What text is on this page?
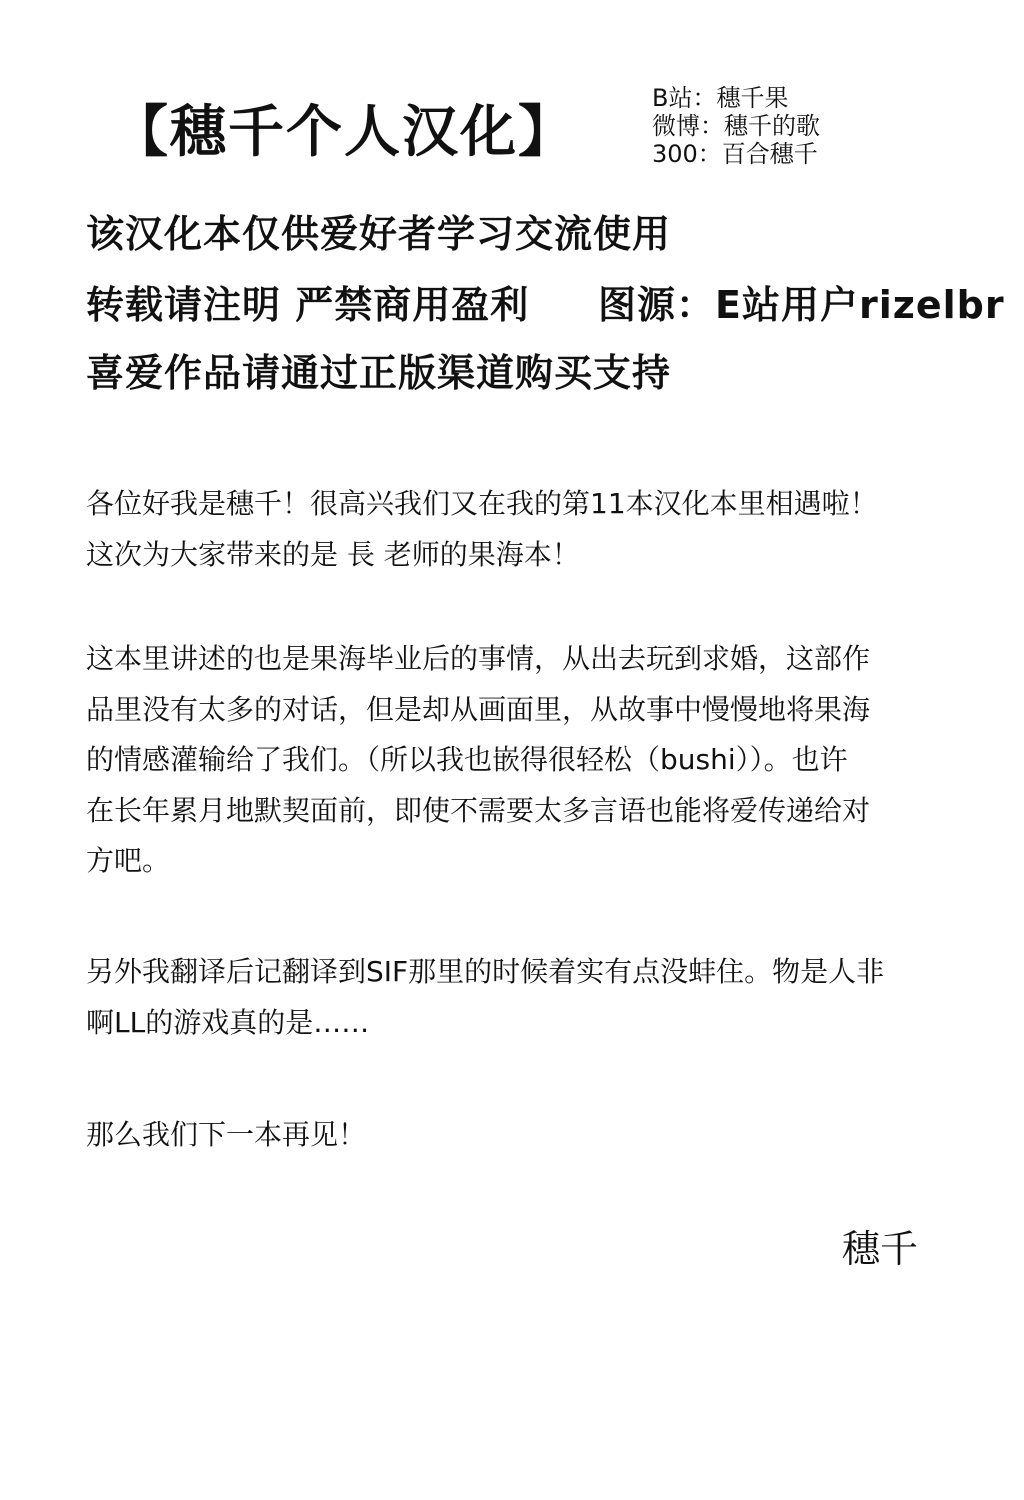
【穗千个人汉化】
B站：穗千果
微博：穗千的歌
300：百合穗千
该汉化本仅供爱好者学习交流使用
转载请注明 严禁商用盈利 图源：E站用户rizelbr
喜爱作品请通过正版渠道购买支持
各位好我是穗千！很高兴我们又在我的第11本汉化本里相遇啦！
这次为大家带来的是 長 老师的果海本！
这本里讲述的也是果海毕业后的事情，从出去玩到求婚，这部作
品里没有太多的对话，但是却从画面里，从故事中慢慢地将果海
的情感灌输给了我们。（所以我也嵌得很轻松（bushi））。也许
在长年累月地默契面前，即使不需要太多言语也能将爱传递给对
方吧。
另外我翻译后记翻译到SIF那里的时候着实有点没蚌住。物是人非
啊LL的游戏真的是……
那么我们下一本再见！
穗千
